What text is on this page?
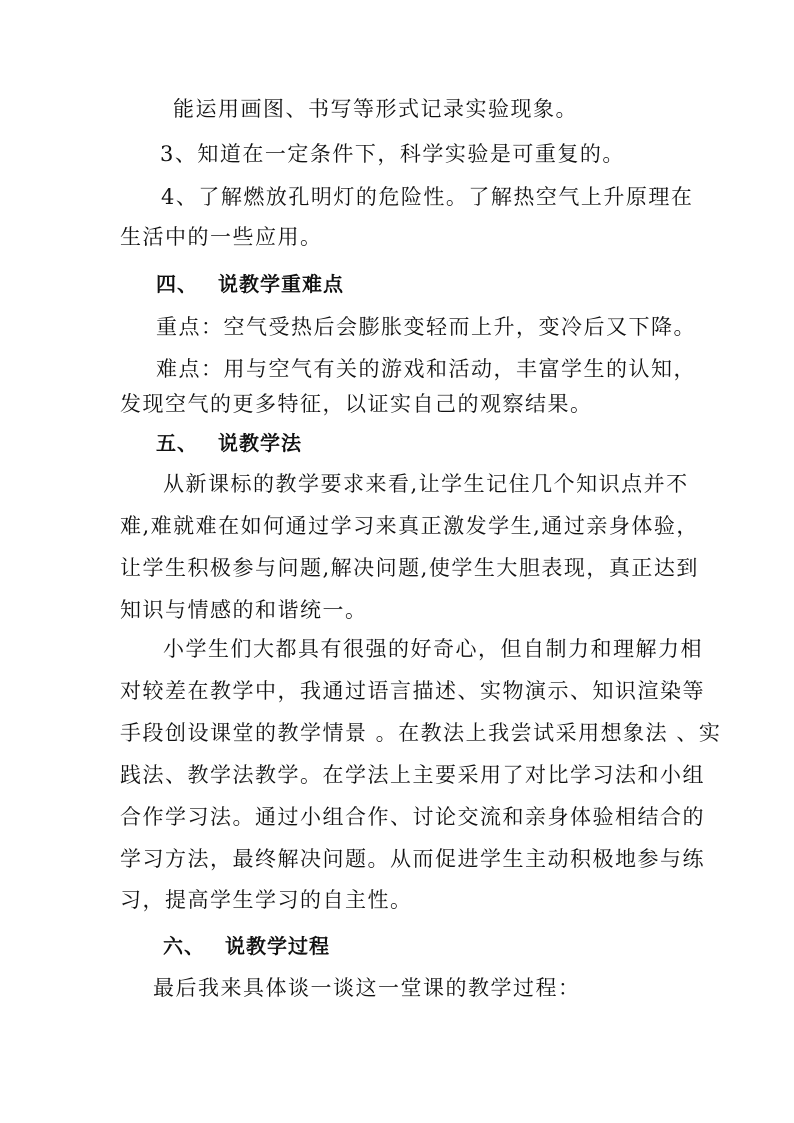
能运用画图、书写等形式记录实验现象。
3、知道在一定条件下，科学实验是可重复的。
4、了解燃放孔明灯的危险性。了解热空气上升原理在
生活中的一些应用。
四、 说教学重难点
重点：空气受热后会膨胀变轻而上升，变冷后又下降。
难点：用与空气有关的游戏和活动，丰富学生的认知，
发现空气的更多特征，以证实自己的观察结果。
五、 说教学法
从新课标的教学要求来看,让学生记住几个知识点并不
难,难就难在如何通过学习来真正激发学生,通过亲身体验，
让学生积极参与问题,解决问题,使学生大胆表现，真正达到
知识与情感的和谐统一。
小学生们大都具有很强的好奇心，但自制力和理解力相
对较差在教学中，我通过语言描述、实物演示、知识渲染等
手段创设课堂的教学情景 。在教法上我尝试采用想象法 、实
践法、教学法教学。在学法上主要采用了对比学习法和小组
合作学习法。通过小组合作、讨论交流和亲身体验相结合的
学习方法，最终解决问题。从而促进学生主动积极地参与练
习，提高学生学习的自主性。
六、 说教学过程
最后我来具体谈一谈这一堂课的教学过程：
